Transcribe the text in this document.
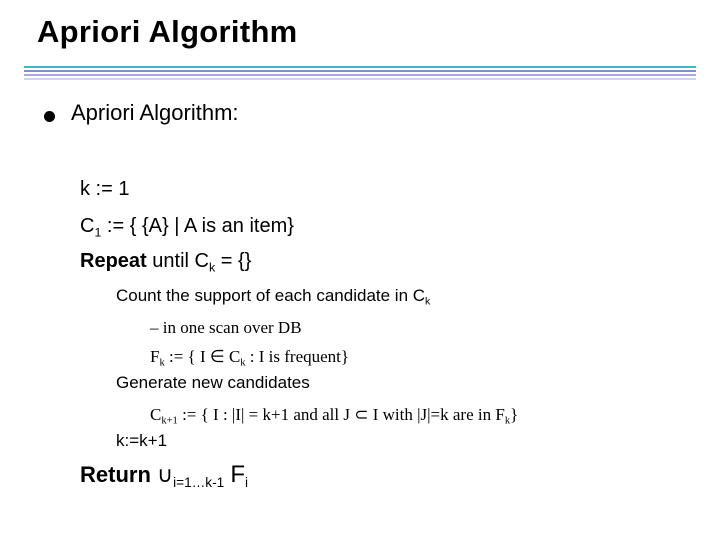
Apriori Algorithm
Apriori Algorithm:
k := 1
$C_1$ := { {A} | A is an item}
Repeat until $C_k$ = {}
Count the support of each candidate in $C_k$
– in one scan over DB
$F_k$ := { I ∈ $C_k$ : I is frequent}
Generate new candidates
$C_{k+1}$ := { I : |I| = k+1 and all J ⊂ I with |J|=k are in $F_k$}
k:=k+1
Return $\cup_{i=1\dots k-1}$ $F_i$
